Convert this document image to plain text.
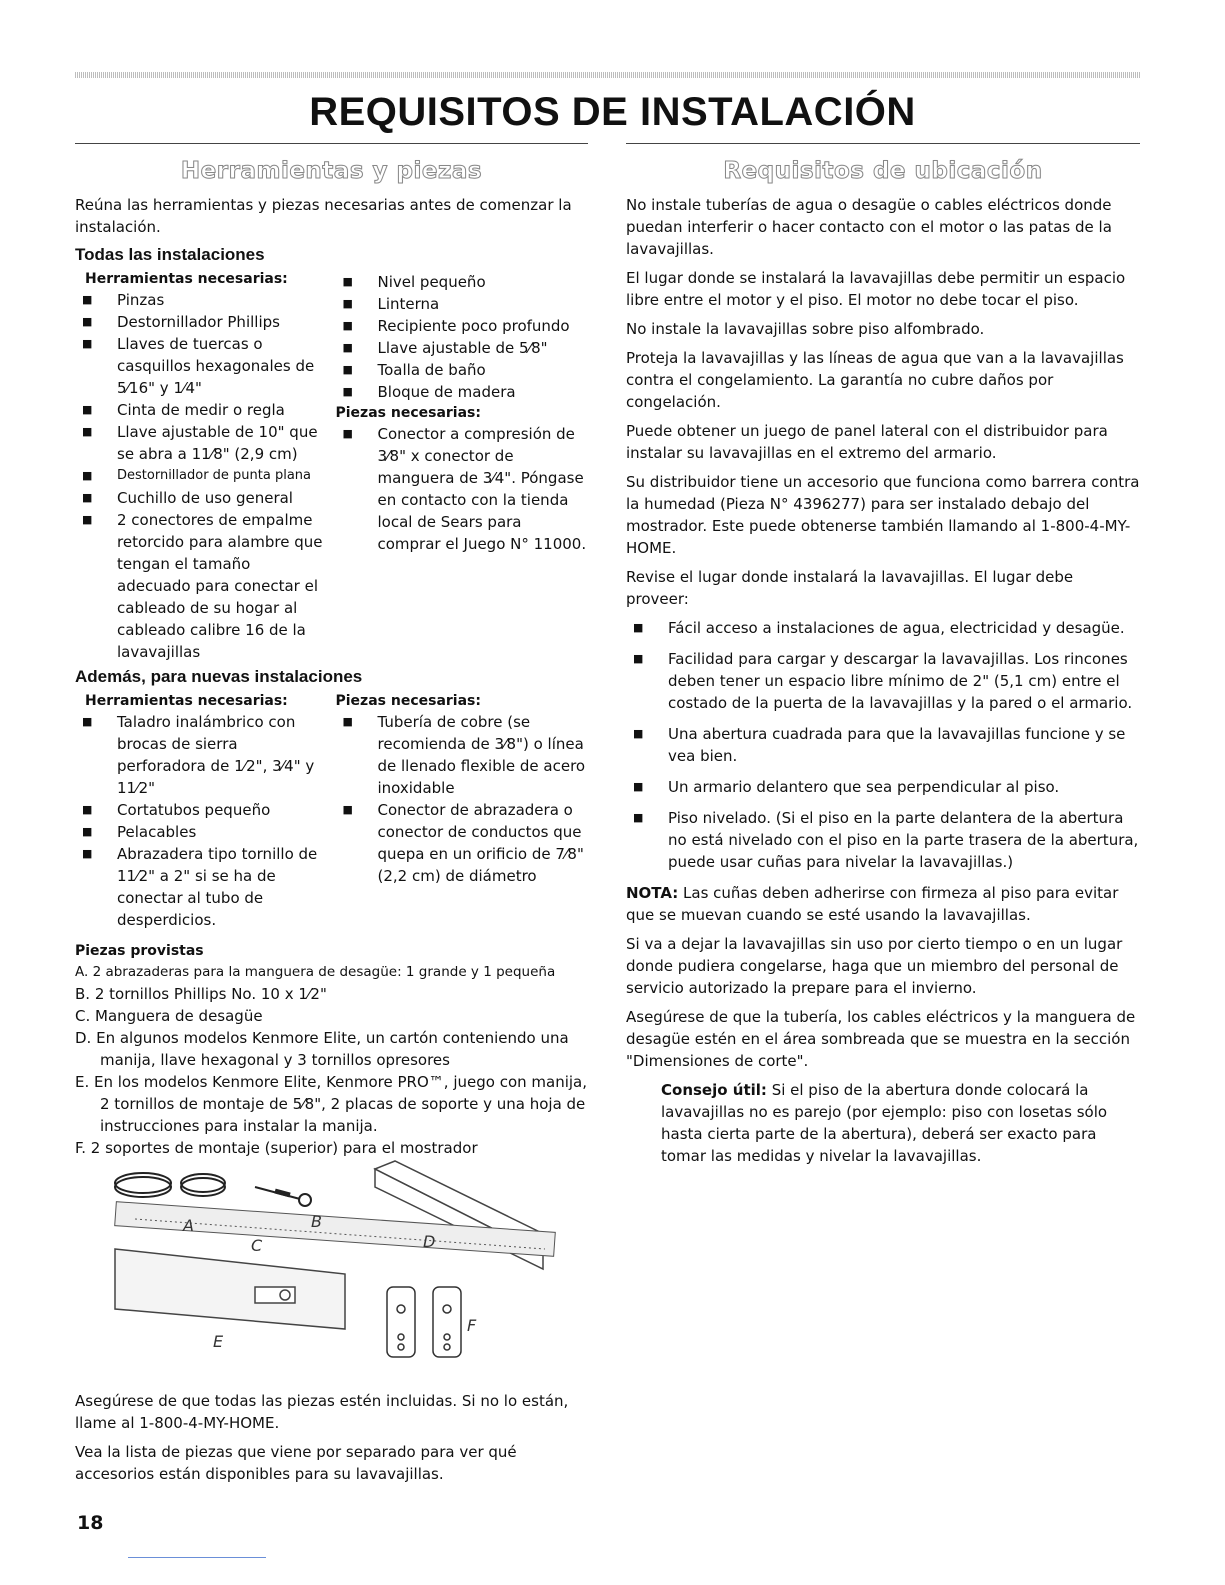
REQUISITOS DE INSTALACIÓN
Herramientas y piezas

Reúna las herramientas y piezas necesarias antes de comenzar la instalación.

Todas las instalaciones
Herramientas necesarias:
■ Pinzas
■ Destornillador Phillips
■ Llaves de tuercas o casquillos hexagonales de 5⁄16" y 1⁄4"
■ Cinta de medir o regla
■ Llave ajustable de 10" que se abra a 11⁄8" (2,9 cm)
■ Destornillador de punta plana
■ Cuchillo de uso general
■ 2 conectores de empalme retorcido para alambre que tengan el tamaño adecuado para conectar el cableado de su hogar al cableado calibre 16 de la lavavajillas
■ Nivel pequeño
■ Linterna
■ Recipiente poco profundo
■ Llave ajustable de 5⁄8"
■ Toalla de baño
■ Bloque de madera
Piezas necesarias:
■ Conector a compresión de 3⁄8" x conector de manguera de 3⁄4". Póngase en contacto con la tienda local de Sears para comprar el Juego N° 11000.
Además, para nuevas instalaciones
Herramientas necesarias:
■ Taladro inalámbrico con brocas de sierra perforadora de 1⁄2", 3⁄4" y 11⁄2"
■ Cortatubos pequeño
■ Pelacables
■ Abrazadera tipo tornillo de 11⁄2" a 2" si se ha de conectar al tubo de desperdicios.
Piezas necesarias:
■ Tubería de cobre (se recomienda de 3⁄8") o línea de llenado flexible de acero inoxidable
■ Conector de abrazadera o conector de conductos que quepa en un orificio de 7⁄8" (2,2 cm) de diámetro
Piezas provistas
A. 2 abrazaderas para la manguera de desagüe: 1 grande y 1 pequeña
B. 2 tornillos Phillips No. 10 x 1⁄2"
C. Manguera de desagüe
D. En algunos modelos Kenmore Elite, un cartón conteniendo una manija, llave hexagonal y 3 tornillos opresores
E. En los modelos Kenmore Elite, Kenmore PRO™, juego con manija, 2 tornillos de montaje de 5⁄8", 2 placas de soporte y una hoja de instrucciones para instalar la manija.
F. 2 soportes de montaje (superior) para el mostrador
A	B
C	D
E
F

Asegúrese de que todas las piezas estén incluidas. Si no lo están, llame al 1-800-4-MY-HOME.

Vea la lista de piezas que viene por separado para ver qué accesorios están disponibles para su lavavajillas.

Requisitos de ubicación

No instale tuberías de agua o desagüe o cables eléctricos donde puedan interferir o hacer contacto con el motor o las patas de la lavavajillas.

El lugar donde se instalará la lavavajillas debe permitir un espacio libre entre el motor y el piso. El motor no debe tocar el piso.

No instale la lavavajillas sobre piso alfombrado.

Proteja la lavavajillas y las líneas de agua que van a la lavavajillas contra el congelamiento. La garantía no cubre daños por congelación.

Puede obtener un juego de panel lateral con el distribuidor para instalar su lavavajillas en el extremo del armario.

Su distribuidor tiene un accesorio que funciona como barrera contra la humedad (Pieza N° 4396277) para ser instalado debajo del mostrador. Este puede obtenerse también llamando al 1-800-4-MY-HOME.

Revise el lugar donde instalará la lavavajillas. El lugar debe proveer:

■ Fácil acceso a instalaciones de agua, electricidad y desagüe.
■ Facilidad para cargar y descargar la lavavajillas. Los rincones deben tener un espacio libre mínimo de 2" (5,1 cm) entre el costado de la puerta de la lavavajillas y la pared o el armario.
■ Una abertura cuadrada para que la lavavajillas funcione y se vea bien.
■ Un armario delantero que sea perpendicular al piso.
■ Piso nivelado. (Si el piso en la parte delantera de la abertura no está nivelado con el piso en la parte trasera de la abertura, puede usar cuñas para nivelar la lavavajillas.)

NOTA: Las cuñas deben adherirse con firmeza al piso para evitar que se muevan cuando se esté usando la lavavajillas.

Si va a dejar la lavavajillas sin uso por cierto tiempo o en un lugar donde pudiera congelarse, haga que un miembro del personal de servicio autorizado la prepare para el invierno.

Asegúrese de que la tubería, los cables eléctricos y la manguera de desagüe estén en el área sombreada que se muestra en la sección "Dimensiones de corte".

Consejo útil: Si el piso de la abertura donde colocará la lavavajillas no es parejo (por ejemplo: piso con losetas sólo hasta cierta parte de la abertura), deberá ser exacto para tomar las medidas y nivelar la lavavajillas.

18
